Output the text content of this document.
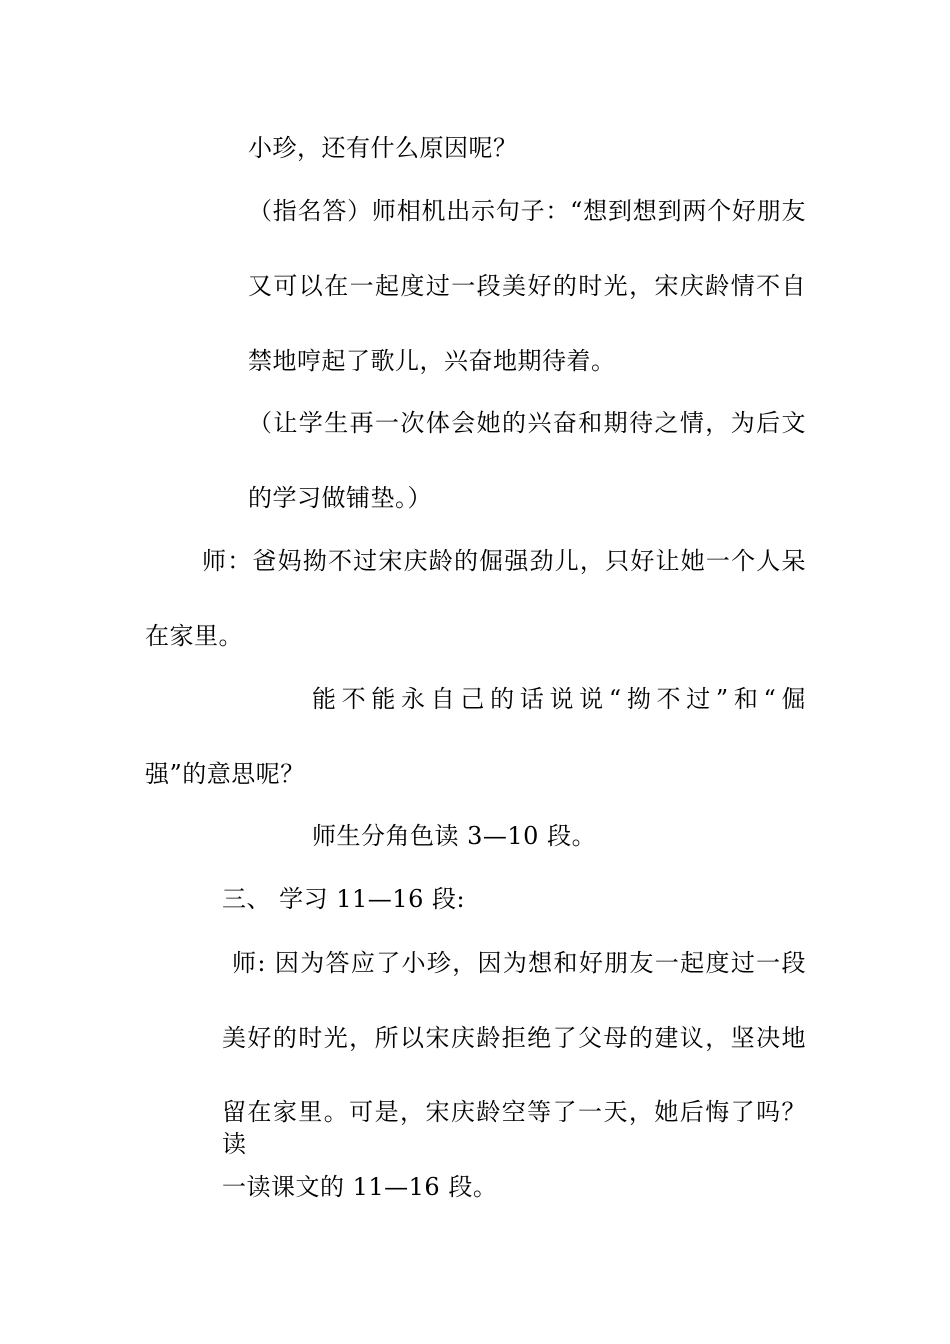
小珍，还有什么原因呢？
（指名答）师相机出示句子：“想到想到两个好朋友
又可以在一起度过一段美好的时光，宋庆龄情不自
禁地哼起了歌儿，兴奋地期待着。
（让学生再一次体会她的兴奋和期待之情，为后文
的学习做铺垫。）
师：爸妈拗不过宋庆龄的倔强劲儿，只好让她一个人呆
在家里。
能不能永自己的话说说“拗不过”和“倔
强”的意思呢？
师生分角色读 3—10 段。
三、 学习 11—16 段:
师: 因为答应了小珍，因为想和好朋友一起度过一段
美好的时光，所以宋庆龄拒绝了父母的建议，坚决地
留在家里。可是，宋庆龄空等了一天，她后悔了吗？读
一读课文的 11—16 段。
